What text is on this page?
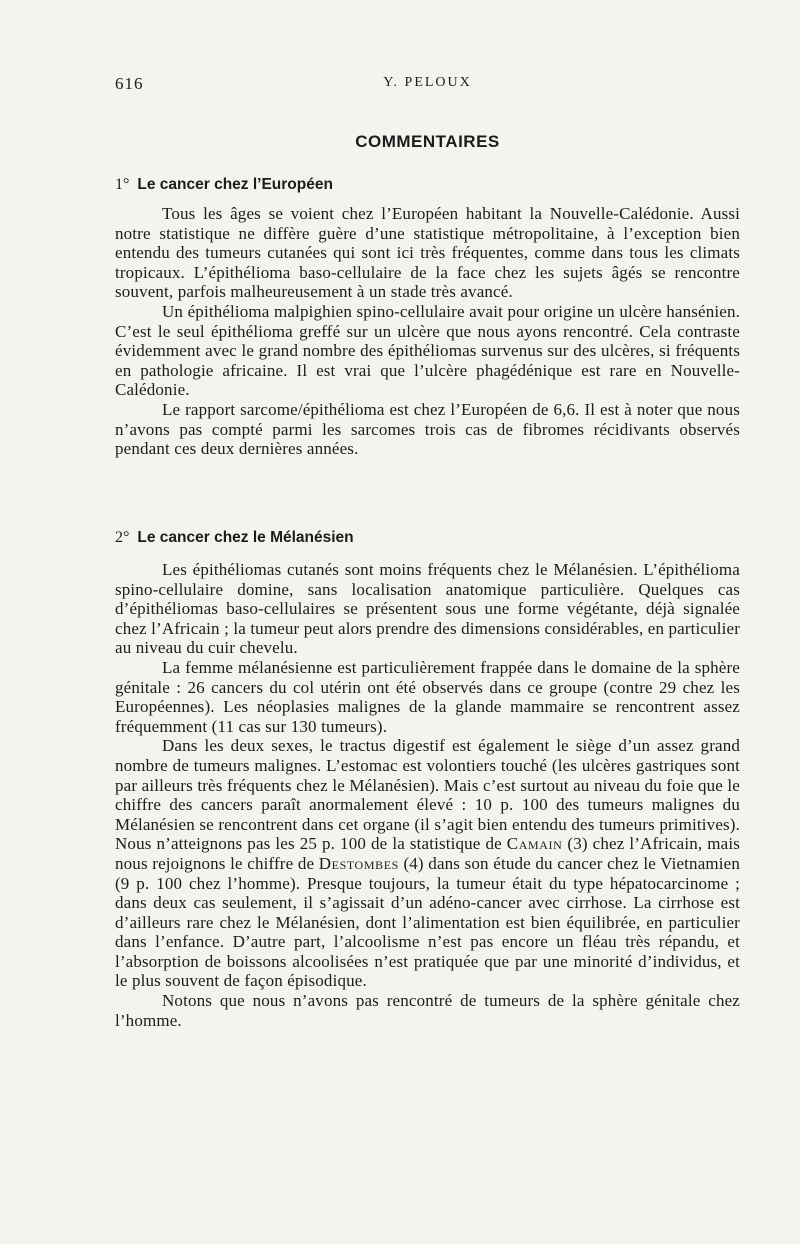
616	Y. PELOUX
COMMENTAIRES
1° Le cancer chez l’Européen

Tous les âges se voient chez l’Européen habitant la Nouvelle-Calédonie. Aussi notre statistique ne diffère guère d’une statistique métropolitaine, à l’exception bien entendu des tumeurs cutanées qui sont ici très fréquentes, comme dans tous les climats tropicaux. L’épithélioma baso-cellulaire de la face chez les sujets âgés se rencontre souvent, parfois malheureusement à un stade très avancé.

Un épithélioma malpighien spino-cellulaire avait pour origine un ulcère hansénien. C’est le seul épithélioma greffé sur un ulcère que nous ayons rencontré. Cela contraste évidemment avec le grand nombre des épithéliomas survenus sur des ulcères, si fréquents en pathologie africaine. Il est vrai que l’ulcère phagédénique est rare en Nouvelle-Calédonie.

Le rapport sarcome/épithélioma est chez l’Européen de 6,6. Il est à noter que nous n’avons pas compté parmi les sarcomes trois cas de fibromes récidivants observés pendant ces deux dernières années.

2° Le cancer chez le Mélanésien

Les épithéliomas cutanés sont moins fréquents chez le Mélanésien. L’épithélioma spino-cellulaire domine, sans localisation anatomique particulière. Quelques cas d’épithéliomas baso-cellulaires se présentent sous une forme végétante, déjà signalée chez l’Africain ; la tumeur peut alors prendre des dimensions considérables, en particulier au niveau du cuir chevelu.

La femme mélanésienne est particulièrement frappée dans le domaine de la sphère génitale : 26 cancers du col utérin ont été observés dans ce groupe (contre 29 chez les Européennes). Les néoplasies malignes de la glande mammaire se rencontrent assez fréquemment (11 cas sur 130 tumeurs).

Dans les deux sexes, le tractus digestif est également le siège d’un assez grand nombre de tumeurs malignes. L’estomac est volontiers touché (les ulcères gastriques sont par ailleurs très fréquents chez le Mélanésien). Mais c’est surtout au niveau du foie que le chiffre des cancers paraît anormalement élevé : 10 p. 100 des tumeurs malignes du Mélanésien se rencontrent dans cet organe (il s’agit bien entendu des tumeurs primitives). Nous n’atteignons pas les 25 p. 100 de la statistique de Camain (3) chez l’Africain, mais nous rejoignons le chiffre de Destombes (4) dans son étude du cancer chez le Vietnamien (9 p. 100 chez l’homme). Presque toujours, la tumeur était du type hépatocarcinome ; dans deux cas seulement, il s’agissait d’un adéno-cancer avec cirrhose. La cirrhose est d’ailleurs rare chez le Mélanésien, dont l’alimentation est bien équilibrée, en particulier dans l’enfance. D’autre part, l’alcoolisme n’est pas encore un fléau très répandu, et l’absorption de boissons alcoolisées n’est pratiquée que par une minorité d’individus, et le plus souvent de façon épisodique.

Notons que nous n’avons pas rencontré de tumeurs de la sphère génitale chez l’homme.
